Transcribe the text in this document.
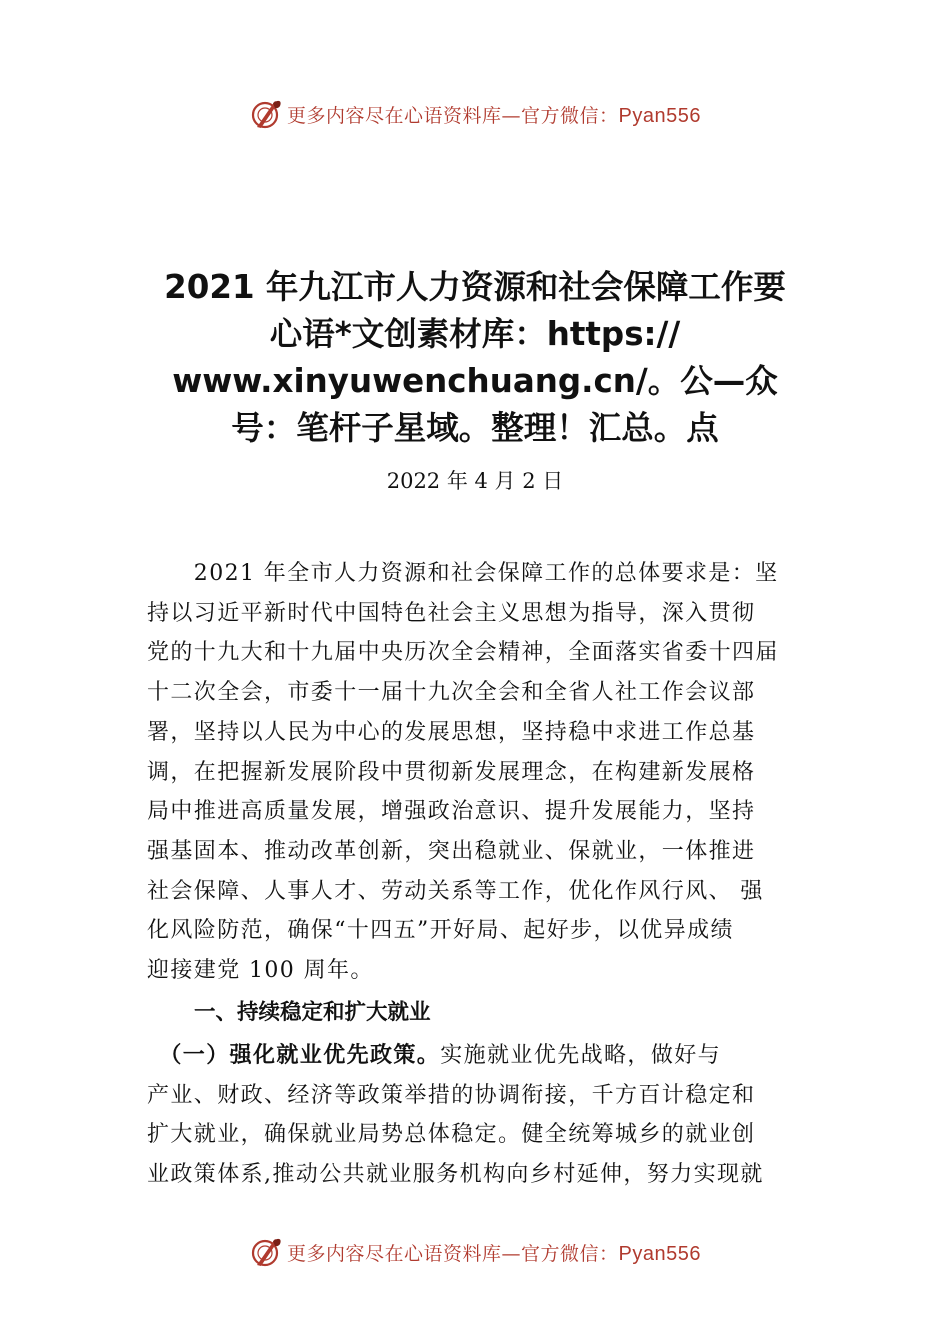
更多内容尽在心语资料库—官方微信：Pyan556
2021 年九江市人力资源和社会保障工作要
心语*文创素材库：https://
www.xinyuwenchuang.cn/。公—众
号：笔杆子星域。整理！汇总。点
2022 年 4 月 2 日
　　2021 年全市人力资源和社会保障工作的总体要求是：坚
持以习近平新时代中国特色社会主义思想为指导，深入贯彻
党的十九大和十九届中央历次全会精神，全面落实省委十四届
十二次全会，市委十一届十九次全会和全省人社工作会议部
署，坚持以人民为中心的发展思想，坚持稳中求进工作总基
调，在把握新发展阶段中贯彻新发展理念，在构建新发展格
局中推进高质量发展，增强政治意识、提升发展能力，坚持
强基固本、推动改革创新，突出稳就业、保就业，一体推进
社会保障、人事人才、劳动关系等工作，优化作风行风、 强
化风险防范，确保“十四五”开好局、起好步，以优异成绩
迎接建党 100 周年。
一、持续稳定和扩大就业
　（一）强化就业优先政策。实施就业优先战略，做好与
产业、财政、经济等政策举措的协调衔接，千方百计稳定和
扩大就业，确保就业局势总体稳定。健全统筹城乡的就业创
业政策体系,推动公共就业服务机构向乡村延伸，努力实现就
更多内容尽在心语资料库—官方微信：Pyan556
